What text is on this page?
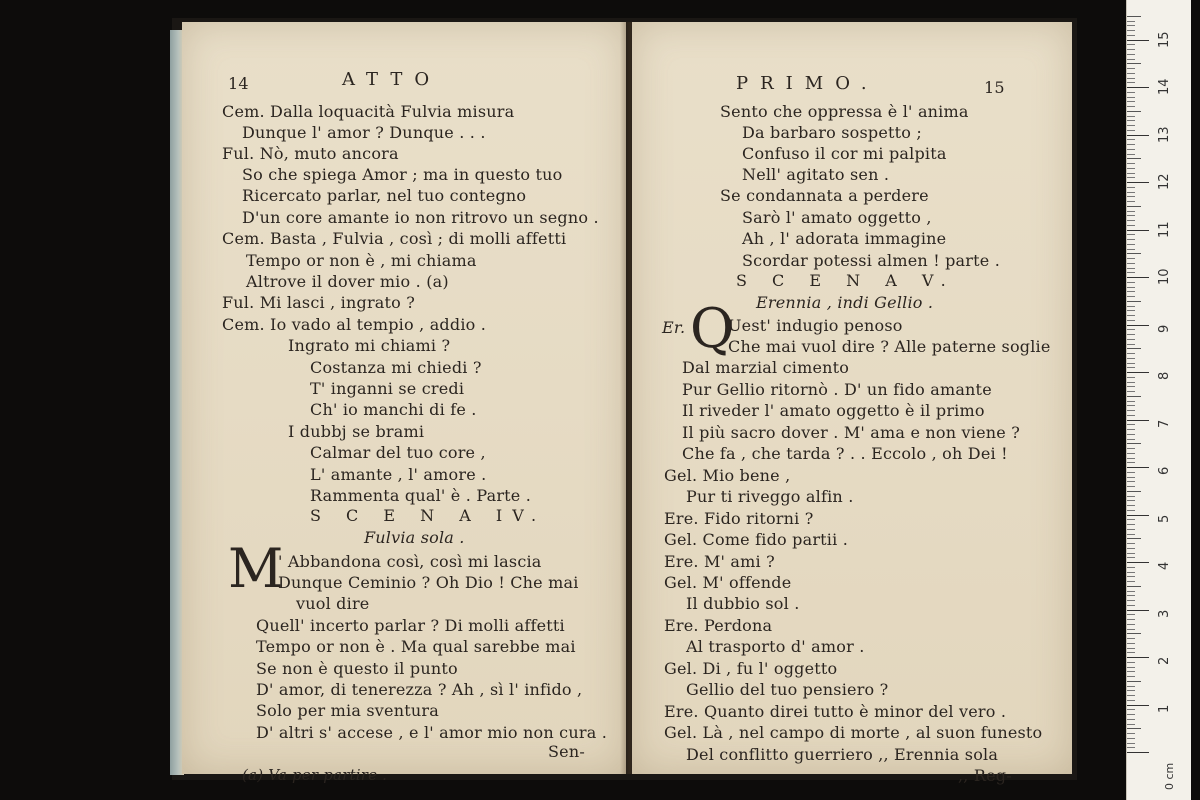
14	ATTO
Cem. Dalla loquacità Fulvia misura
Dunque l' amor ? Dunque . . .
Ful. Nò, muto ancora
So che spiega Amor ; ma in questo tuo
Ricercato parlar, nel tuo contegno
D'un core amante io non ritrovo un segno .
Cem. Basta , Fulvia , così ; di molli affetti
Tempo or non è , mi chiama
Altrove il dover mio . (a)
Ful. Mi lasci , ingrato ?
Cem. Io vado al tempio , addio .
Ingrato mi chiami ?
Costanza mi chiedi ?
T' inganni se credi
Ch' io manchi di fe .
I dubbj se brami
Calmar del tuo core ,
L' amante , l' amore .
Rammenta qual' è . Parte .
S C E N A IV.
Fulvia sola .
M
' Abbandona così, così mi lascia
Dunque Ceminio ? Oh Dio ! Che mai
vuol dire
Quell' incerto parlar ? Di molli affetti
Tempo or non è . Ma qual sarebbe mai
Se non è questo il punto
D' amor, di tenerezza ? Ah , sì l' infido ,
Solo per mia sventura
D' altri s' accese , e l' amor mio non cura .
Sen-
(a) Va per partire .
PRIMO.	15
Sento che oppressa è l' anima
Da barbaro sospetto ;
Confuso il cor mi palpita
Nell' agitato sen .
Se condannata a perdere
Sarò l' amato oggetto ,
Ah , l' adorata immagine
Scordar potessi almen ! parte .
S C E N A V.
Erennia , indi Gellio .
Er. Q
Uest' indugio penoso
Che mai vuol dire ? Alle paterne soglie
Dal marzial cimento
Pur Gellio ritornò . D' un fido amante
Il riveder l' amato oggetto è il primo
Il più sacro dover . M' ama e non viene ?
Che fa , che tarda ? . . Eccolo , oh Dei !
Gel. Mio bene ,
Pur ti riveggo alfin .
Ere. Fido ritorni ?
Gel. Come fido partii .
Ere. M' ami ?
Gel. M' offende
Il dubbio sol .
Ere. Perdona
Al trasporto d' amor .
Gel. Di , fu l' oggetto
Gellio del tuo pensiero ?
Ere. Quanto direi tutto è minor del vero .
Gel. Là , nel campo di morte , al suon funesto
Del conflitto guerriero ,, Erennia sola
,, Reg-	0 cm
1
2
3
4
5
6
7
8
9
10
11
12
13
14
15
